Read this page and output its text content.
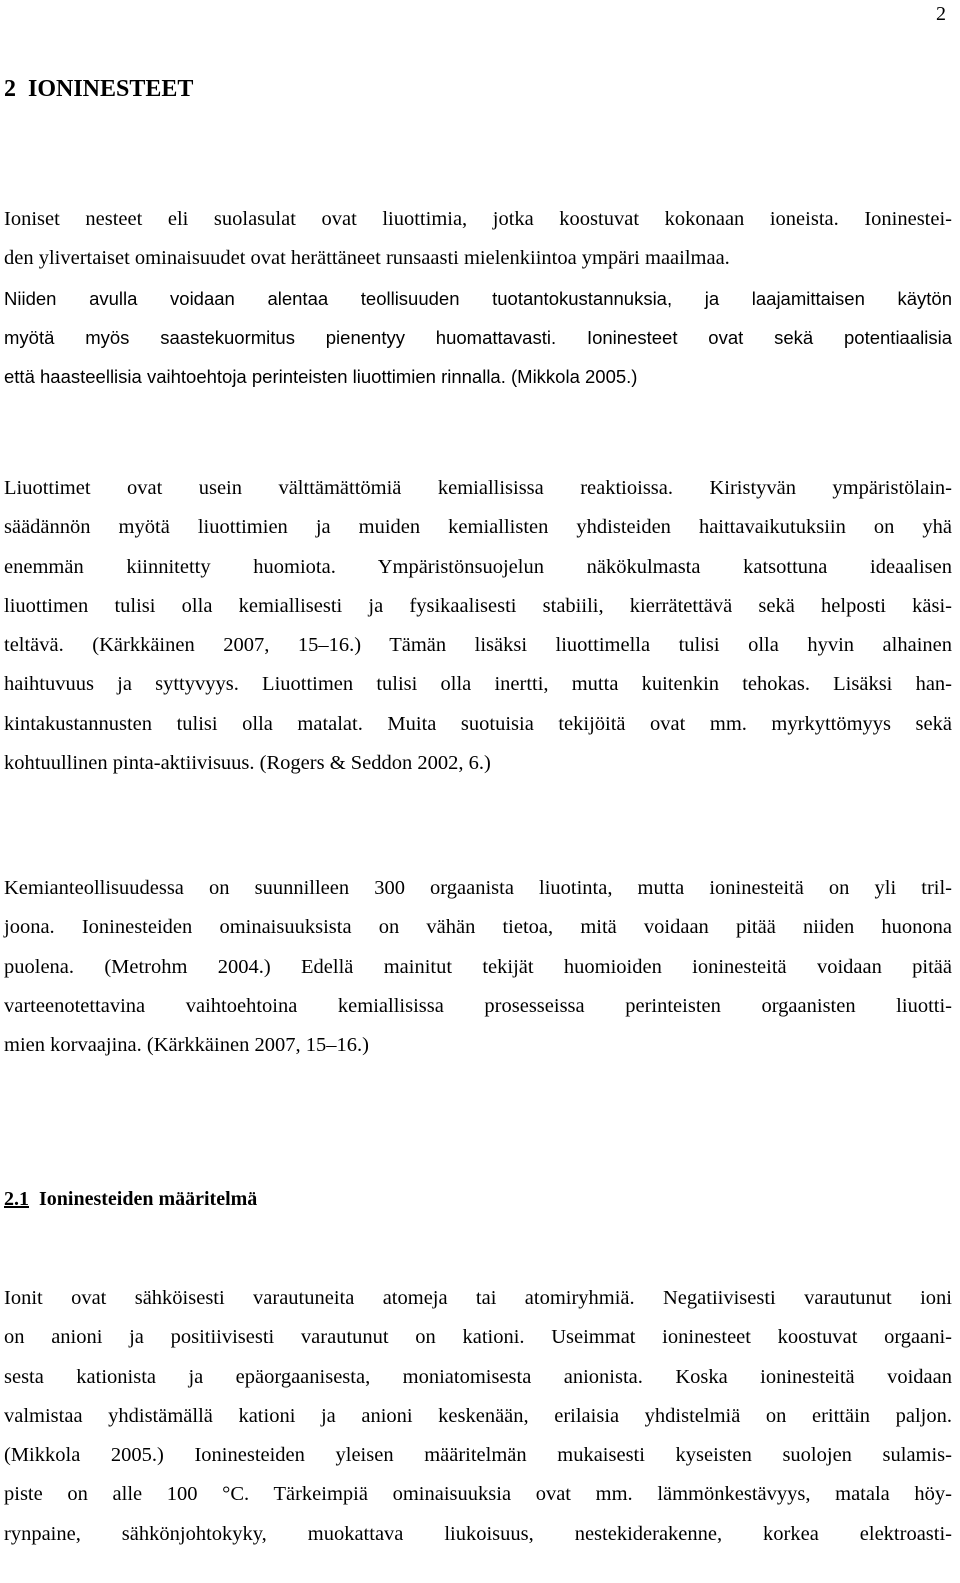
2
2 IONINESTEET
Ioniset nesteet eli suolasulat ovat liuottimia, jotka koostuvat kokonaan ioneista. Ioninestei-
den ylivertaiset ominaisuudet ovat herättäneet runsaasti mielenkiintoa ympäri maailmaa.
Niiden avulla voidaan alentaa teollisuuden tuotantokustannuksia, ja laajamittaisen käytön
myötä myös saastekuormitus pienentyy huomattavasti. Ioninesteet ovat sekä potentiaalisia
että haasteellisia vaihtoehtoja perinteisten liuottimien rinnalla. (Mikkola 2005.)
Liuottimet ovat usein välttämättömiä kemiallisissa reaktioissa. Kiristyvän ympäristölain-
säädännön myötä liuottimien ja muiden kemiallisten yhdisteiden haittavaikutuksiin on yhä
enemmän kiinnitetty huomiota. Ympäristönsuojelun näkökulmasta katsottuna ideaalisen
liuottimen tulisi olla kemiallisesti ja fysikaalisesti stabiili, kierrätettävä sekä helposti käsi-
teltävä. (Kärkkäinen 2007, 15–16.) Tämän lisäksi liuottimella tulisi olla hyvin alhainen
haihtuvuus ja syttyvyys. Liuottimen tulisi olla inertti, mutta kuitenkin tehokas. Lisäksi han-
kintakustannusten tulisi olla matalat. Muita suotuisia tekijöitä ovat mm. myrkyttömyys sekä
kohtuullinen pinta-aktiivisuus. (Rogers & Seddon 2002, 6.)
Kemianteollisuudessa on suunnilleen 300 orgaanista liuotinta, mutta ioninesteitä on yli tril-
joona. Ioninesteiden ominaisuuksista on vähän tietoa, mitä voidaan pitää niiden huonona
puolena. (Metrohm 2004.) Edellä mainitut tekijät huomioiden ioninesteitä voidaan pitää
varteenotettavina vaihtoehtoina kemiallisissa prosesseissa perinteisten orgaanisten liuotti-
mien korvaajina. (Kärkkäinen 2007, 15–16.)
2.1 Ioninesteiden määritelmä
Ionit ovat sähköisesti varautuneita atomeja tai atomiryhmiä. Negatiivisesti varautunut ioni
on anioni ja positiivisesti varautunut on kationi. Useimmat ioninesteet koostuvat orgaani-
sesta kationista ja epäorgaanisesta, moniatomisesta anionista. Koska ioninesteitä voidaan
valmistaa yhdistämällä kationi ja anioni keskenään, erilaisia yhdistelmiä on erittäin paljon.
(Mikkola 2005.) Ioninesteiden yleisen määritelmän mukaisesti kyseisten suolojen sulamis-
piste on alle 100 °C. Tärkeimpiä ominaisuuksia ovat mm. lämmönkestävyys, matala höy-
rynpaine, sähkönjohtokyky, muokattava liukoisuus, nestekiderakenne, korkea elektroasti-
